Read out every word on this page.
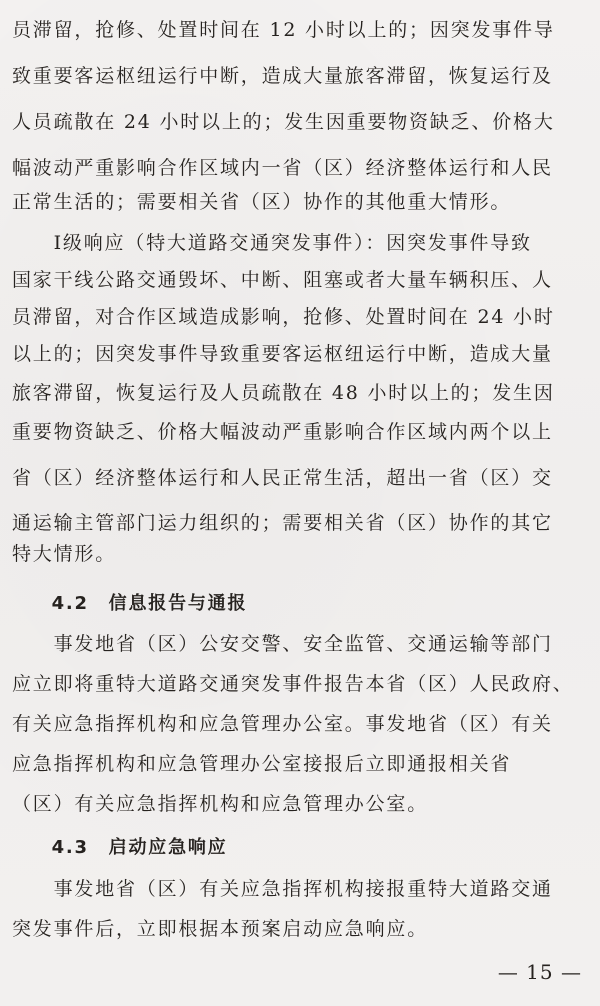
员滞留，抢修、处置时间在 12 小时以上的；因突发事件导
致重要客运枢纽运行中断，造成大量旅客滞留，恢复运行及
人员疏散在 24 小时以上的；发生因重要物资缺乏、价格大
幅波动严重影响合作区域内一省（区）经济整体运行和人民
正常生活的；需要相关省（区）协作的其他重大情形。
　　Ⅰ级响应（特大道路交通突发事件）：因突发事件导致
国家干线公路交通毁坏、中断、阻塞或者大量车辆积压、人
员滞留，对合作区域造成影响，抢修、处置时间在 24 小时
以上的；因突发事件导致重要客运枢纽运行中断，造成大量
旅客滞留，恢复运行及人员疏散在 48 小时以上的；发生因
重要物资缺乏、价格大幅波动严重影响合作区域内两个以上
省（区）经济整体运行和人民正常生活，超出一省（区）交
通运输主管部门运力组织的；需要相关省（区）协作的其它
特大情形。
　　4.2　信息报告与通报
　　事发地省（区）公安交警、安全监管、交通运输等部门
应立即将重特大道路交通突发事件报告本省（区）人民政府、
有关应急指挥机构和应急管理办公室。事发地省（区）有关
应急指挥机构和应急管理办公室接报后立即通报相关省
（区）有关应急指挥机构和应急管理办公室。
　　4.3　启动应急响应
　　事发地省（区）有关应急指挥机构接报重特大道路交通
突发事件后，立即根据本预案启动应急响应。
— 15 —
